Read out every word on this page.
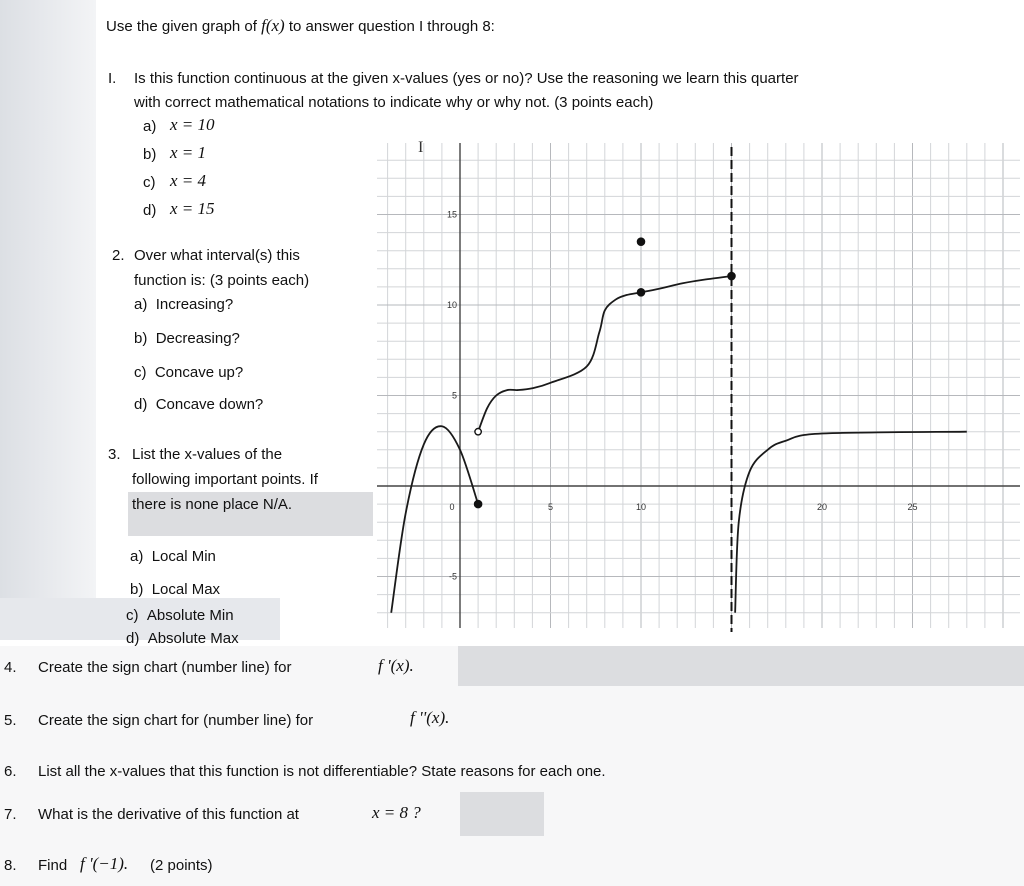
0	5	10	20	25
15
10
5
-5
I
Use the given graph of f(x) to answer question I through 8:
I. Is this function continuous at the given x-values (yes or no)? Use the reasoning we learn this quarter
with correct mathematical notations to indicate why or why not. (3 points each)
a) x = 10
b) x = 1
c) x = 4
d) x = 15
2. Over what interval(s) this
function is: (3 points each)
a) Increasing?
b) Decreasing?
c) Concave up?
d) Concave down?
3. List the x-values of the
following important points. If
there is none place N/A.
a) Local Min
b) Local Max
c) Absolute Min
d) Absolute Max
4. Create the sign chart (number line) for	f '(x).
5. Create the sign chart for (number line) for	f ''(x).
6. List all the x-values that this function is not differentiable? State reasons for each one.
7. What is the derivative of this function at	x = 8 ?
8. Find f '(−1). (2 points)
